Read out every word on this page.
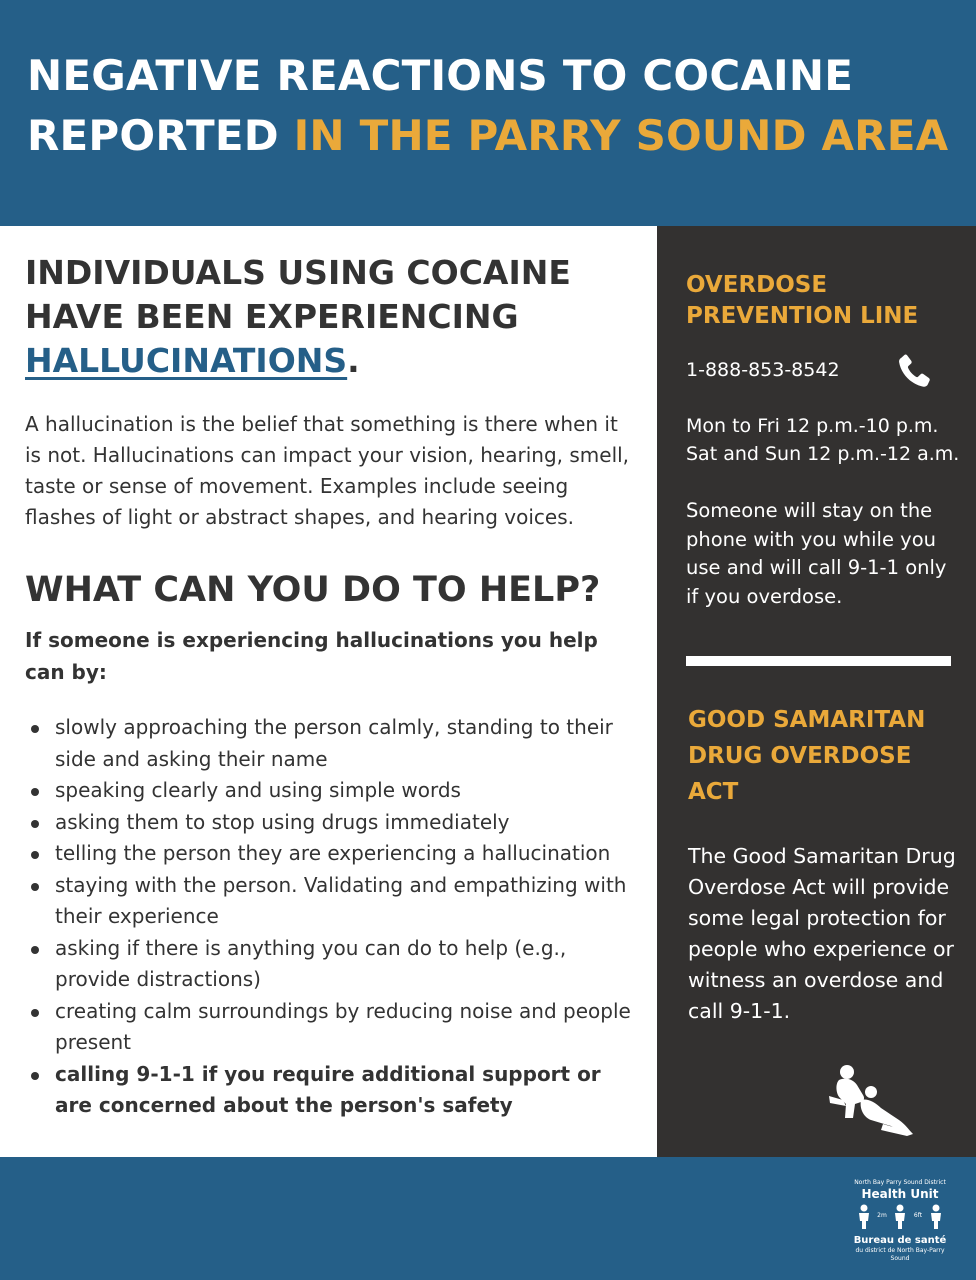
NEGATIVE REACTIONS TO COCAINE
REPORTED IN THE PARRY SOUND AREA
INDIVIDUALS USING COCAINE HAVE BEEN EXPERIENCING HALLUCINATIONS.

A hallucination is the belief that something is there when it is not. Hallucinations can impact your vision, hearing, smell, taste or sense of movement. Examples include seeing flashes of light or abstract shapes, and hearing voices.

WHAT CAN YOU DO TO HELP?

If someone is experiencing hallucinations you help can by:

slowly approaching the person calmly, standing to their side and asking their name
speaking clearly and using simple words
asking them to stop using drugs immediately
telling the person they are experiencing a hallucination
staying with the person. Validating and empathizing with their experience
asking if there is anything you can do to help (e.g., provide distractions)
creating calm surroundings by reducing noise and people present
calling 9-1-1 if you require additional support or are concerned about the person's safety
OVERDOSE
PREVENTION LINE
1-888-853-8542
Mon to Fri 12 p.m.-10 p.m.
Sat and Sun 12 p.m.-12 a.m.
Someone will stay on the phone with you while you use and will call 9-1-1 only if you overdose.
GOOD SAMARITAN
DRUG OVERDOSE
ACT
The Good Samaritan Drug Overdose Act will provide some legal protection for people who experience or witness an overdose and call 9-1-1.
North Bay Parry Sound District
Health Unit
2m	6ft
Bureau de santé
du district de North Bay-Parry Sound
